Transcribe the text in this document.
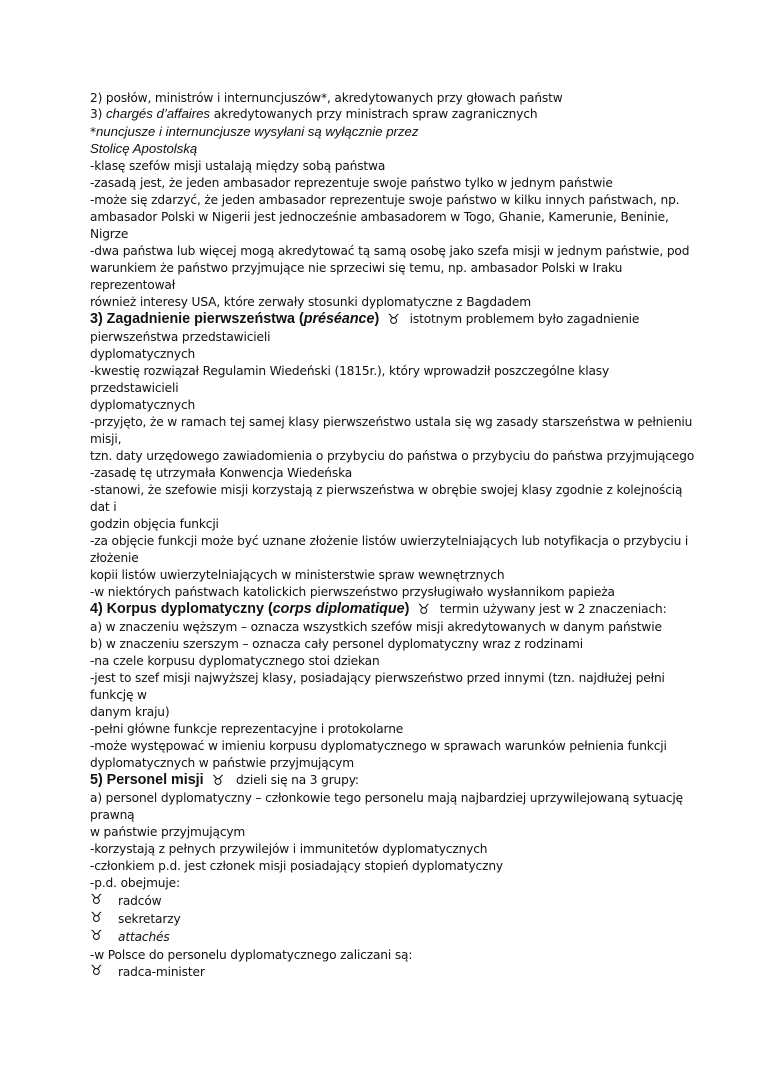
2) posłów, ministrów i internuncjuszów*, akredytowanych przy głowach państw
3) chargés d’affaires akredytowanych przy ministrach spraw zagranicznych
*nuncjusze i internuncjusze wysyłani są wyłącznie przez
Stolicę Apostolską
-klasę szefów misji ustalają między sobą państwa
-zasadą jest, że jeden ambasador reprezentuje swoje państwo tylko w jednym państwie
-może się zdarzyć, że jeden ambasador reprezentuje swoje państwo w kilku innych państwach, np.
ambasador Polski w Nigerii jest jednocześnie ambasadorem w Togo, Ghanie, Kamerunie, Beninie,
Nigrze
-dwa państwa lub więcej mogą akredytować tą samą osobę jako szefa misji w jednym państwie, pod
warunkiem że państwo przyjmujące nie sprzeciwi się temu, np. ambasador Polski w Iraku
reprezentował
również interesy USA, które zerwały stosunki dyplomatyczne z Bagdadem
3) Zagadnienie pierwszeństwa (préséance) ♉ istotnym problemem było zagadnienie
pierwszeństwa przedstawicieli
dyplomatycznych
-kwestię rozwiązał Regulamin Wiedeński (1815r.), który wprowadził poszczególne klasy
przedstawicieli
dyplomatycznych
-przyjęto, że w ramach tej samej klasy pierwszeństwo ustala się wg zasady starszeństwa w pełnieniu
misji,
tzn. daty urzędowego zawiadomienia o przybyciu do państwa o przybyciu do państwa przyjmującego
-zasadę tę utrzymała Konwencja Wiedeńska
-stanowi, że szefowie misji korzystają z pierwszeństwa w obrębie swojej klasy zgodnie z kolejnością
dat i
godzin objęcia funkcji
-za objęcie funkcji może być uznane złożenie listów uwierzytelniających lub notyfikacja o przybyciu i
złożenie
kopii listów uwierzytelniających w ministerstwie spraw wewnętrznych
-w niektórych państwach katolickich pierwszeństwo przysługiwało wysłannikom papieża
4) Korpus dyplomatyczny (corps diplomatique) ♉ termin używany jest w 2 znaczeniach:
a) w znaczeniu węższym – oznacza wszystkich szefów misji akredytowanych w danym państwie
b) w znaczeniu szerszym – oznacza cały personel dyplomatyczny wraz z rodzinami
-na czele korpusu dyplomatycznego stoi dziekan
-jest to szef misji najwyższej klasy, posiadający pierwszeństwo przed innymi (tzn. najdłużej pełni
funkcję w
danym kraju)
-pełni główne funkcje reprezentacyjne i protokolarne
-może występować w imieniu korpusu dyplomatycznego w sprawach warunków pełnienia funkcji
dyplomatycznych w państwie przyjmującym
5) Personel misji ♉ dzieli się na 3 grupy:
a) personel dyplomatyczny – członkowie tego personelu mają najbardziej uprzywilejowaną sytuację
prawną
w państwie przyjmującym
-korzystają z pełnych przywilejów i immunitetów dyplomatycznych
-członkiem p.d. jest członek misji posiadający stopień dyplomatyczny
-p.d. obejmuje:
♉ radców
♉ sekretarzy
♉ attachés
-w Polsce do personelu dyplomatycznego zaliczani są:
♉ radca-minister
